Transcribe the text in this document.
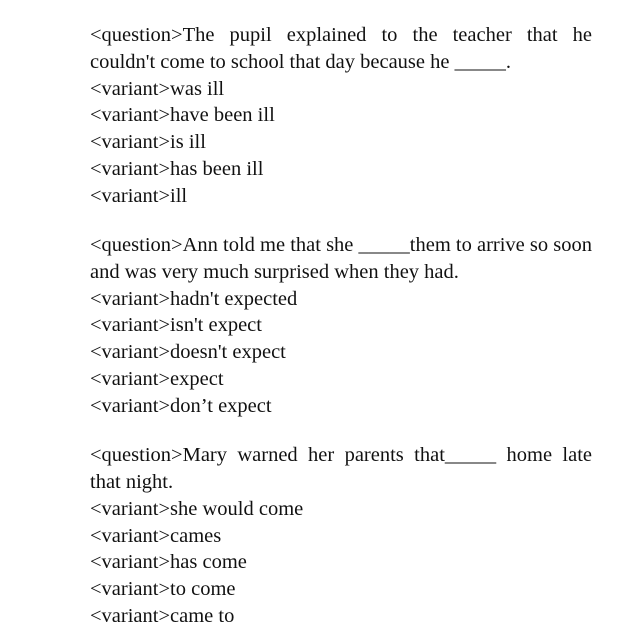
<question>The pupil explained to the teacher that he couldn't come to school that day because he _____.

<variant>was ill

<variant>have been ill

<variant>is ill

<variant>has been ill

<variant>ill

<question>Ann told me that she _____them to arrive so soon and was very much surprised when they had.

<variant>hadn't expected

<variant>isn't expect

<variant>doesn't expect

<variant>expect

<variant>don’t expect

<question>Mary warned her parents that_____ home late that night.

<variant>she would come

<variant>cames

<variant>has come

<variant>to come

<variant>came to
